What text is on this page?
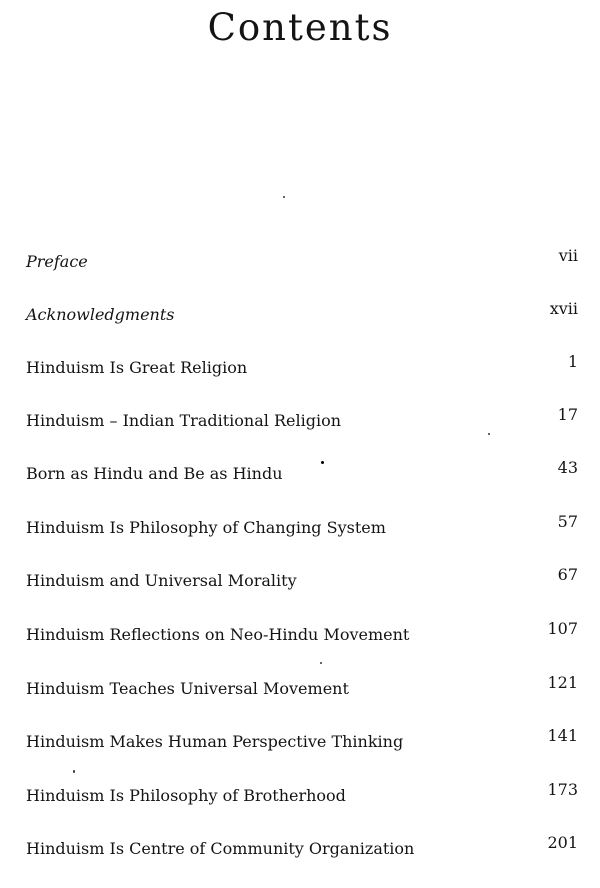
Contents
Preface	vii
Acknowledgments	xvii
Hinduism Is Great Religion	1
Hinduism – Indian Traditional Religion	17
Born as Hindu and Be as Hindu	43
Hinduism Is Philosophy of Changing System	57
Hinduism and Universal Morality	67
Hinduism Reflections on Neo-Hindu Movement	107
Hinduism Teaches Universal Movement	121
Hinduism Makes Human Perspective Thinking	141
Hinduism Is Philosophy of Brotherhood	173
Hinduism Is Centre of Community Organization	201
